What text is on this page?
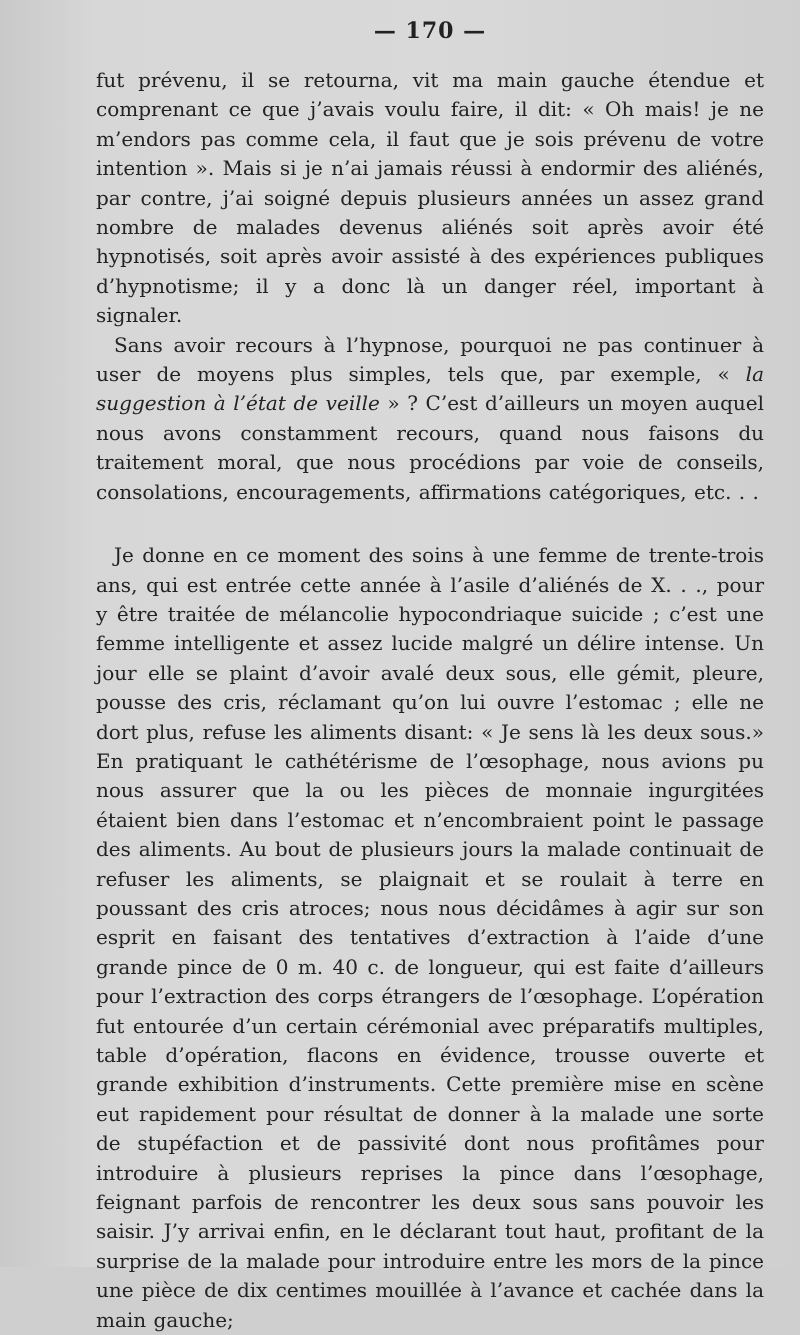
— 170 —

fut prévenu, il se retourna, vit ma main gauche étendue et comprenant ce que j’avais voulu faire, il dit: « Oh mais! je ne m’endors pas comme cela, il faut que je sois prévenu de votre intention ». Mais si je n’ai jamais réussi à endormir des aliénés, par contre, j’ai soigné depuis plusieurs années un assez grand nombre de malades devenus aliénés soit après avoir été hypnotisés, soit après avoir assisté à des expériences publiques d’hypnotisme; il y a donc là un danger réel, important à signaler.

Sans avoir recours à l’hypnose, pourquoi ne pas continuer à user de moyens plus simples, tels que, par exemple, « la suggestion à l’état de veille » ? C’est d’ailleurs un moyen auquel nous avons constamment recours, quand nous faisons du traitement moral, que nous procédions par voie de conseils, consolations, encouragements, affirmations catégoriques, etc. . .

Je donne en ce moment des soins à une femme de trente-trois ans, qui est entrée cette année à l’asile d’aliénés de X. . ., pour y être traitée de mélancolie hypocondriaque suicide ; c’est une femme intelligente et assez lucide malgré un délire intense. Un jour elle se plaint d’avoir avalé deux sous, elle gémit, pleure, pousse des cris, réclamant qu’on lui ouvre l’estomac ; elle ne dort plus, refuse les aliments disant: « Je sens là les deux sous.» En pratiquant le cathétérisme de l’œsophage, nous avions pu nous assurer que la ou les pièces de monnaie ingurgitées étaient bien dans l’estomac et n’encombraient point le passage des aliments. Au bout de plusieurs jours la malade continuait de refuser les aliments, se plaignait et se roulait à terre en poussant des cris atroces; nous nous décidâmes à agir sur son esprit en faisant des tentatives d’extraction à l’aide d’une grande pince de 0 m. 40 c. de longueur, qui est faite d’ailleurs pour l’extraction des corps étrangers de l’œsophage. L’opération fut entourée d’un certain cérémonial avec préparatifs multiples, table d’opération, flacons en évidence, trousse ouverte et grande exhibition d’instruments. Cette première mise en scène eut rapidement pour résultat de donner à la malade une sorte de stupéfaction et de passivité dont nous profitâmes pour introduire à plusieurs reprises la pince dans l’œsophage, feignant parfois de rencontrer les deux sous sans pouvoir les saisir. J’y arrivai enfin, en le déclarant tout haut, profitant de la surprise de la malade pour introduire entre les mors de la pince une pièce de dix centimes mouillée à l’avance et cachée dans la main gauche;
